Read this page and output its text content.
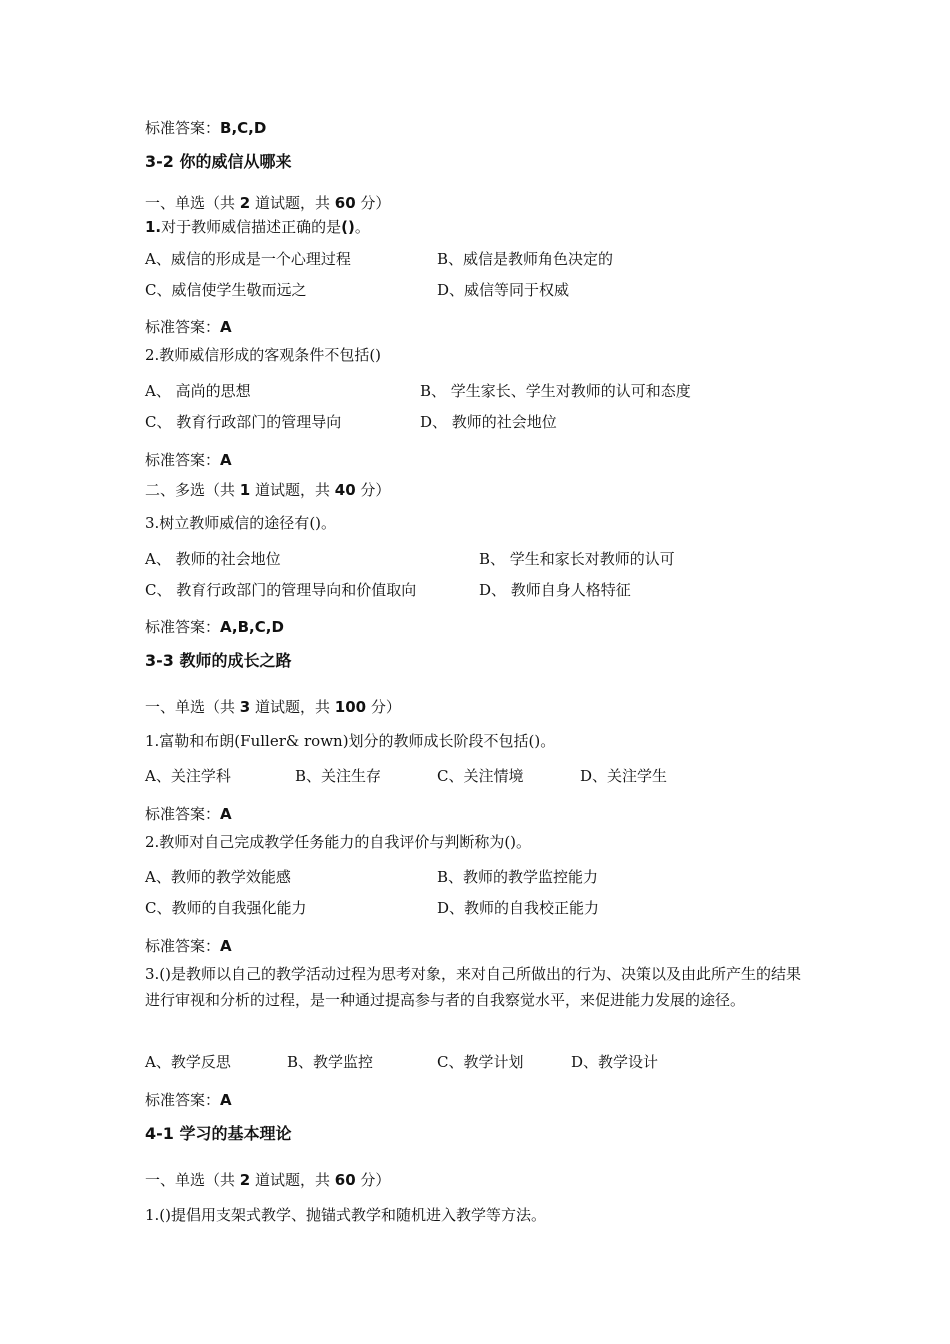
标准答案：B,C,D
3-2 你的威信从哪来
一、单选（共 2 道试题，共 60 分）
1.对于教师威信描述正确的是()。
A、威信的形成是一个心理过程	B、威信是教师角色决定的
C、威信使学生敬而远之	D、威信等同于权威
标准答案：A
2.教师威信形成的客观条件不包括()
A、 高尚的思想	B、 学生家长、学生对教师的认可和态度
C、 教育行政部门的管理导向	D、 教师的社会地位
标准答案：A
二、多选（共 1 道试题，共 40 分）
3.树立教师威信的途径有()。
A、 教师的社会地位	B、 学生和家长对教师的认可
C、 教育行政部门的管理导向和价值取向	D、 教师自身人格特征
标准答案：A,B,C,D
3-3 教师的成长之路
一、单选（共 3 道试题，共 100 分）
1.富勒和布朗(Fuller& rown)划分的教师成长阶段不包括()。
A、关注学科	B、关注生存	C、关注情境	D、关注学生
标准答案：A
2.教师对自己完成教学任务能力的自我评价与判断称为()。
A、教师的教学效能感	B、教师的教学监控能力
C、教师的自我强化能力	D、教师的自我校正能力
标准答案：A
3.()是教师以自己的教学活动过程为思考对象，来对自己所做出的行为、决策以及由此所产生的结果进行审视和分析的过程，是一种通过提高参与者的自我察觉水平，来促进能力发展的途径。
A、教学反思	B、教学监控	C、教学计划	D、教学设计
标准答案：A
4-1 学习的基本理论
一、单选（共 2 道试题，共 60 分）
1.()提倡用支架式教学、抛锚式教学和随机进入教学等方法。
